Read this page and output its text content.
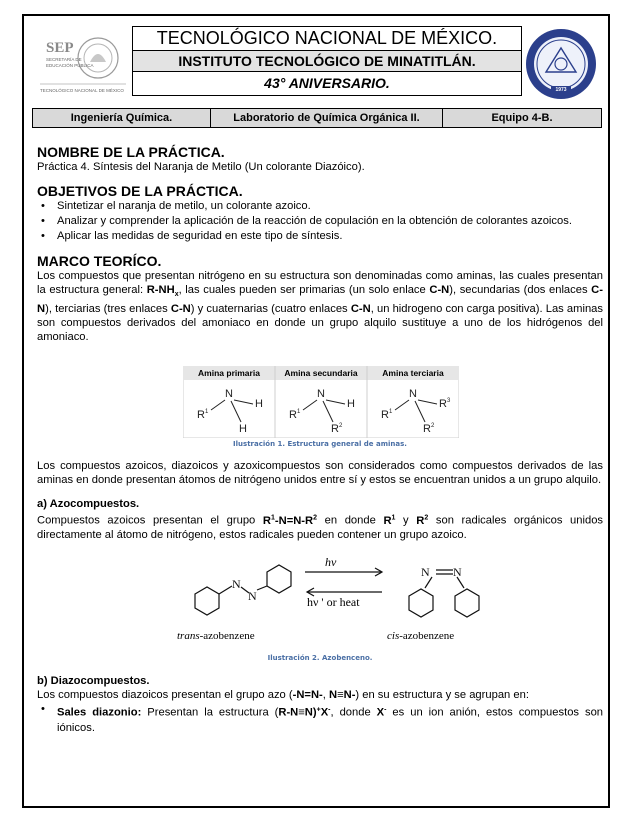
SEP
SECRETARÍA DE
EDUCACIÓN PÚBLICA
TECNOLÓGICO NACIONAL DE MÉXICO
TECNOLÓGICO NACIONAL DE MÉXICO.
INSTITUTO TECNOLÓGICO DE MINATITLÁN.
43° ANIVERSARIO.	1973
Ingeniería Química.	Laboratorio de Química Orgánica II.	Equipo 4-B.
NOMBRE DE LA PRÁCTICA.

Práctica 4. Síntesis del Naranja de Metilo (Un colorante Diazóico).

OBJETIVOS DE LA PRÁCTICA.
• Sintetizar el naranja de metilo, un colorante azoico.
• Analizar y comprender la aplicación de la reacción de copulación en la obtención de colorantes azoicos.
• Aplicar las medidas de seguridad en este tipo de síntesis.
MARCO TEORÍCO.

Los compuestos que presentan nitrógeno en su estructura son denominadas como aminas, las cuales presentan la estructura general: $R-NH_x$, las cuales pueden ser primarias (un solo enlace C-N), secundarias (dos enlaces C-N), terciarias (tres enlaces C-N) y cuaternarias (cuatro enlaces C-N, un hidrogeno con carga positiva). Las aminas son compuestos derivados del amoniaco en donde un grupo alquilo sustituye a uno de los hidrógenos del amoniaco.

N
$R^1$
H
H
N
$R^1$
H
$R^2$
N
$R^1$
$R^3$
$R^2$
Amina primaria	Amina secundaria	Amina terciaria
Ilustración 1. Estructura general de aminas.

Los compuestos azoicos, diazoicos y azoxicompuestos son considerados como compuestos derivados de las aminas en donde presentan átomos de nitrógeno unidos entre sí y estos se encuentran unidos a un grupo alquilo.

a) Azocompuestos.

Compuestos azoicos presentan el grupo $R^1-N=N-R^2$ en donde $R^1$ y $R^2$ son radicales orgánicos unidos directamente al átomo de nitrógeno, estos radicales pueden contener un grupo azoico.

N
N
N N
trans-azobenzene	cis-azobenzene
hν
hν ' or heat
Ilustración 2. Azobenceno.
b) Diazocompuestos.

Los compuestos diazoicos presentan el grupo azo (-N=N-, N≡N-) en su estructura y se agrupan en:

• Sales diazonio: Presentan la estructura (R-N≡N)+X-, donde X- es un ion anión, estos compuestos son iónicos.
